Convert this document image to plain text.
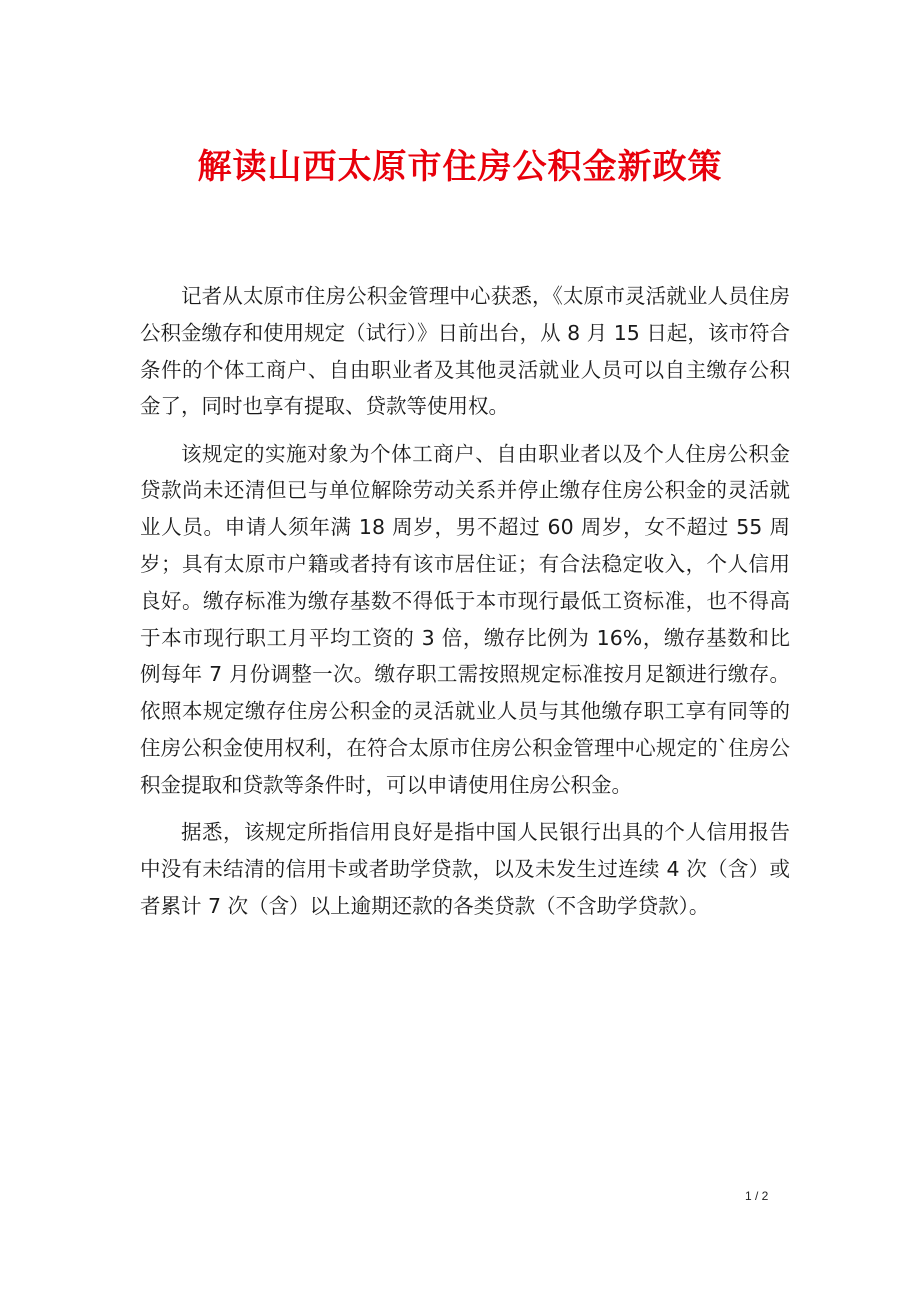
解读山西太原市住房公积金新政策

记者从太原市住房公积金管理中心获悉，《太原市灵活就业人员住房公积金缴存和使用规定（试行）》日前出台，从 8 月 15 日起，该市符合条件的个体工商户、自由职业者及其他灵活就业人员可以自主缴存公积金了，同时也享有提取、贷款等使用权。

该规定的实施对象为个体工商户、自由职业者以及个人住房公积金贷款尚未还清但已与单位解除劳动关系并停止缴存住房公积金的灵活就业人员。申请人须年满 18 周岁，男不超过 60 周岁，女不超过 55 周岁；具有太原市户籍或者持有该市居住证；有合法稳定收入，个人信用良好。缴存标准为缴存基数不得低于本市现行最低工资标准，也不得高于本市现行职工月平均工资的 3 倍，缴存比例为 16%，缴存基数和比例每年 7 月份调整一次。缴存职工需按照规定标准按月足额进行缴存。依照本规定缴存住房公积金的灵活就业人员与其他缴存职工享有同等的住房公积金使用权利，在符合太原市住房公积金管理中心规定的`住房公积金提取和贷款等条件时，可以申请使用住房公积金。

据悉，该规定所指信用良好是指中国人民银行出具的个人信用报告中没有未结清的信用卡或者助学贷款，以及未发生过连续 4 次（含）或者累计 7 次（含）以上逾期还款的各类贷款（不含助学贷款）。

1 / 2
